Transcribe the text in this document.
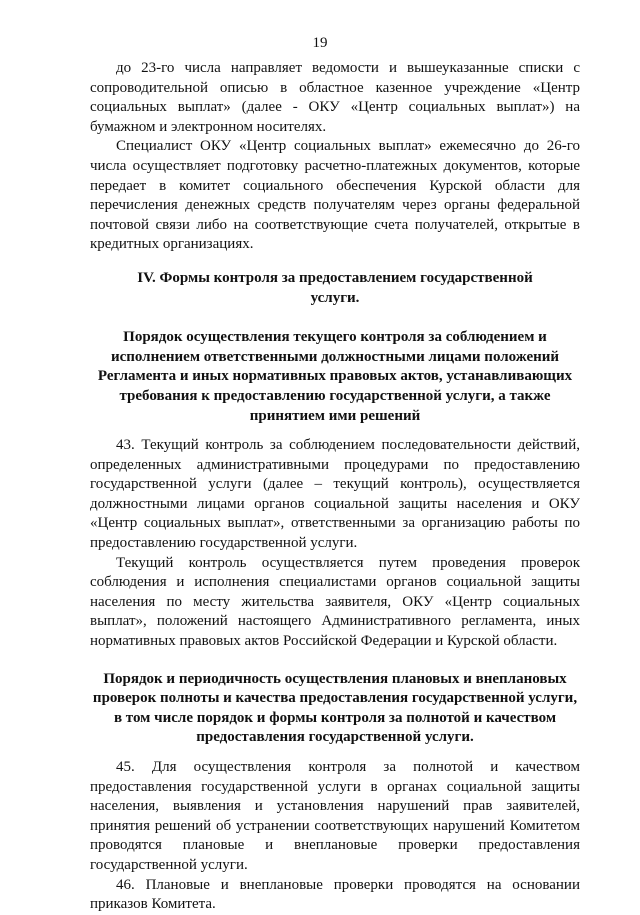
19

до 23-го числа направляет ведомости и вышеуказанные списки с сопроводительной описью в областное казенное учреждение «Центр социальных выплат» (далее - ОКУ «Центр социальных выплат») на бумажном и электронном носителях.

Специалист ОКУ «Центр социальных выплат» ежемесячно до 26-го числа осуществляет подготовку расчетно-платежных документов, которые передает в комитет социального обеспечения Курской области для перечисления денежных средств получателям через органы федеральной почтовой связи либо на соответствующие счета получателей, открытые в кредитных организациях.

IV. Формы контроля за предоставлением государственной услуги.
Порядок осуществления текущего контроля за соблюдением и исполнением ответственными должностными лицами положений Регламента и иных нормативных правовых актов, устанавливающих требования к предоставлению государственной услуги, а также принятием ими решений

43. Текущий контроль за соблюдением последовательности действий, определенных административными процедурами по предоставлению государственной услуги (далее – текущий контроль), осуществляется должностными лицами органов социальной защиты населения и ОКУ «Центр социальных выплат», ответственными за организацию работы по предоставлению государственной услуги.

Текущий контроль осуществляется путем проведения проверок соблюдения и исполнения специалистами органов социальной защиты населения по месту жительства заявителя, ОКУ «Центр социальных выплат», положений настоящего Административного регламента, иных нормативных правовых актов Российской Федерации и Курской области.

Порядок и периодичность осуществления плановых и внеплановых проверок полноты и качества предоставления государственной услуги, в том числе порядок и формы контроля за полнотой и качеством предоставления государственной услуги.

45. Для осуществления контроля за полнотой и качеством предоставления государственной услуги в органах социальной защиты населения, выявления и установления нарушений прав заявителей, принятия решений об устранении соответствующих нарушений Комитетом проводятся плановые и внеплановые проверки предоставления государственной услуги.

46. Плановые и внеплановые проверки проводятся на основании приказов Комитета.
